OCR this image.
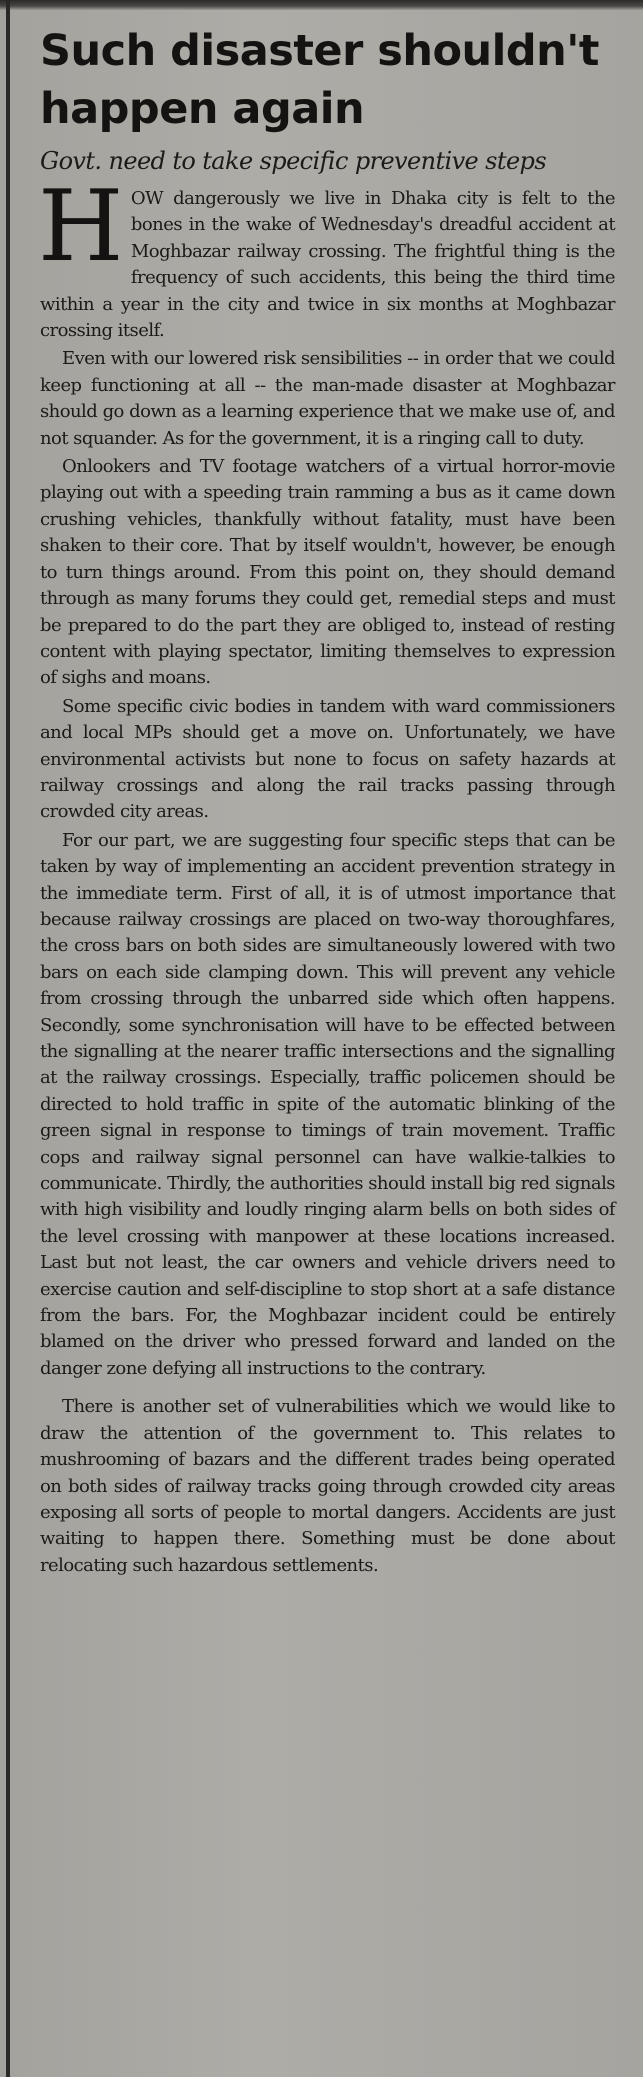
Such disaster shouldn't happen again
Govt. need to take specific preventive steps

HOW dangerously we live in Dhaka city is felt to the bones in the wake of Wednesday's dreadful accident at Moghbazar railway crossing. The frightful thing is the frequency of such accidents, this being the third time within a year in the city and twice in six months at Moghbazar crossing itself.

Even with our lowered risk sensibilities -- in order that we could keep functioning at all -- the man-made disaster at Moghbazar should go down as a learning experience that we make use of, and not squander. As for the government, it is a ringing call to duty.

Onlookers and TV footage watchers of a virtual horror-movie playing out with a speeding train ramming a bus as it came down crushing vehicles, thankfully without fatality, must have been shaken to their core. That by itself wouldn't, however, be enough to turn things around. From this point on, they should demand through as many forums they could get, remedial steps and must be prepared to do the part they are obliged to, instead of resting content with playing spectator, limiting themselves to expression of sighs and moans.

Some specific civic bodies in tandem with ward commissioners and local MPs should get a move on. Unfortunately, we have environmental activists but none to focus on safety hazards at railway crossings and along the rail tracks passing through crowded city areas.

For our part, we are suggesting four specific steps that can be taken by way of implementing an accident prevention strategy in the immediate term. First of all, it is of utmost importance that because railway crossings are placed on two-way thoroughfares, the cross bars on both sides are simultaneously lowered with two bars on each side clamping down. This will prevent any vehicle from crossing through the unbarred side which often happens. Secondly, some synchronisation will have to be effected between the signalling at the nearer traffic intersections and the signalling at the railway crossings. Especially, traffic policemen should be directed to hold traffic in spite of the automatic blinking of the green signal in response to timings of train movement. Traffic cops and railway signal personnel can have walkie-talkies to communicate. Thirdly, the authorities should install big red signals with high visibility and loudly ringing alarm bells on both sides of the level crossing with manpower at these locations increased. Last but not least, the car owners and vehicle drivers need to exercise caution and self-discipline to stop short at a safe distance from the bars. For, the Moghbazar incident could be entirely blamed on the driver who pressed forward and landed on the danger zone defying all instructions to the contrary.

There is another set of vulnerabilities which we would like to draw the attention of the government to. This relates to mushrooming of bazars and the different trades being operated on both sides of railway tracks going through crowded city areas exposing all sorts of people to mortal dangers. Accidents are just waiting to happen there. Something must be done about relocating such hazardous settlements.
